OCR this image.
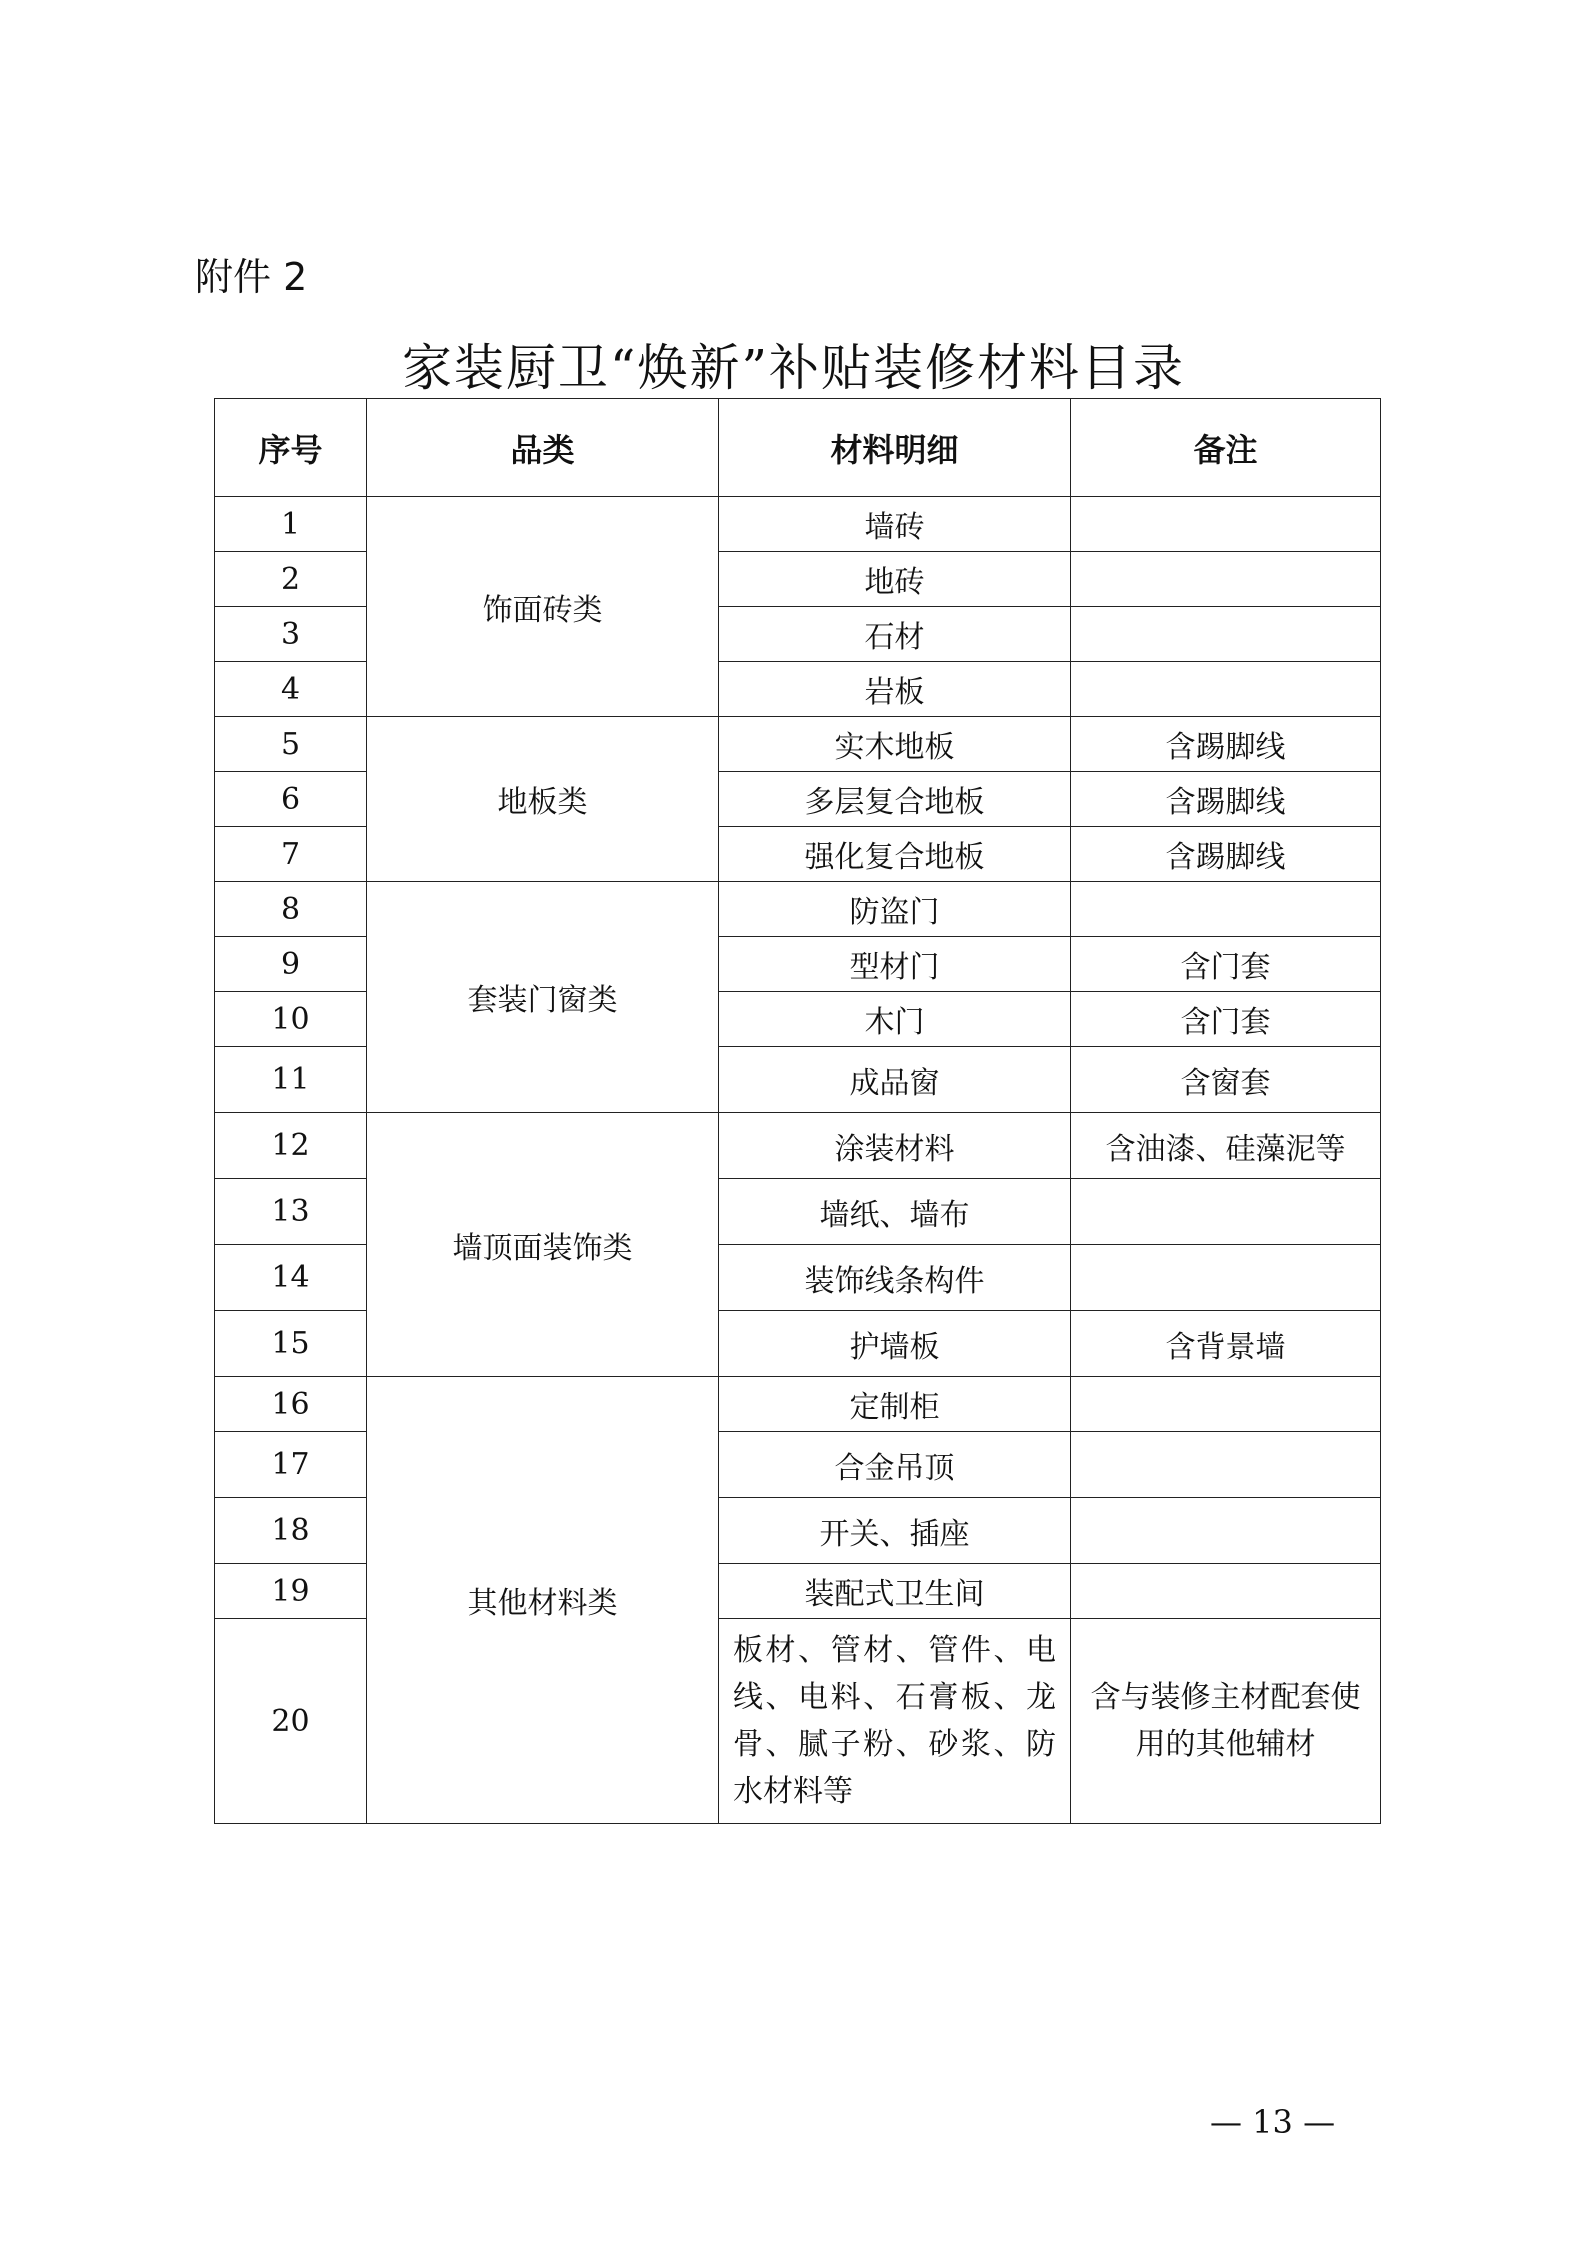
附件 2
家装厨卫“焕新”补贴装修材料目录
序号	品类	材料明细	备注
1	饰面砖类	墙砖	
2		地砖	
3		石材	
4		岩板	
5	地板类	实木地板	含踢脚线
6		多层复合地板	含踢脚线
7		强化复合地板	含踢脚线
8	套装门窗类	防盗门	
9		型材门	含门套
10		木门	含门套
11		成品窗	含窗套
12	墙顶面装饰类	涂装材料	含油漆、硅藻泥等
13		墙纸、墙布	
14		装饰线条构件	
15		护墙板	含背景墙
16	其他材料类	定制柜	
17		合金吊顶	
18		开关、插座	
19		装配式卫生间	
20		板材、管材、管件、电线、电料、石膏板、龙骨、腻子粉、砂浆、防水材料等	含与装修主材配套使用的其他辅材
— 13 —
